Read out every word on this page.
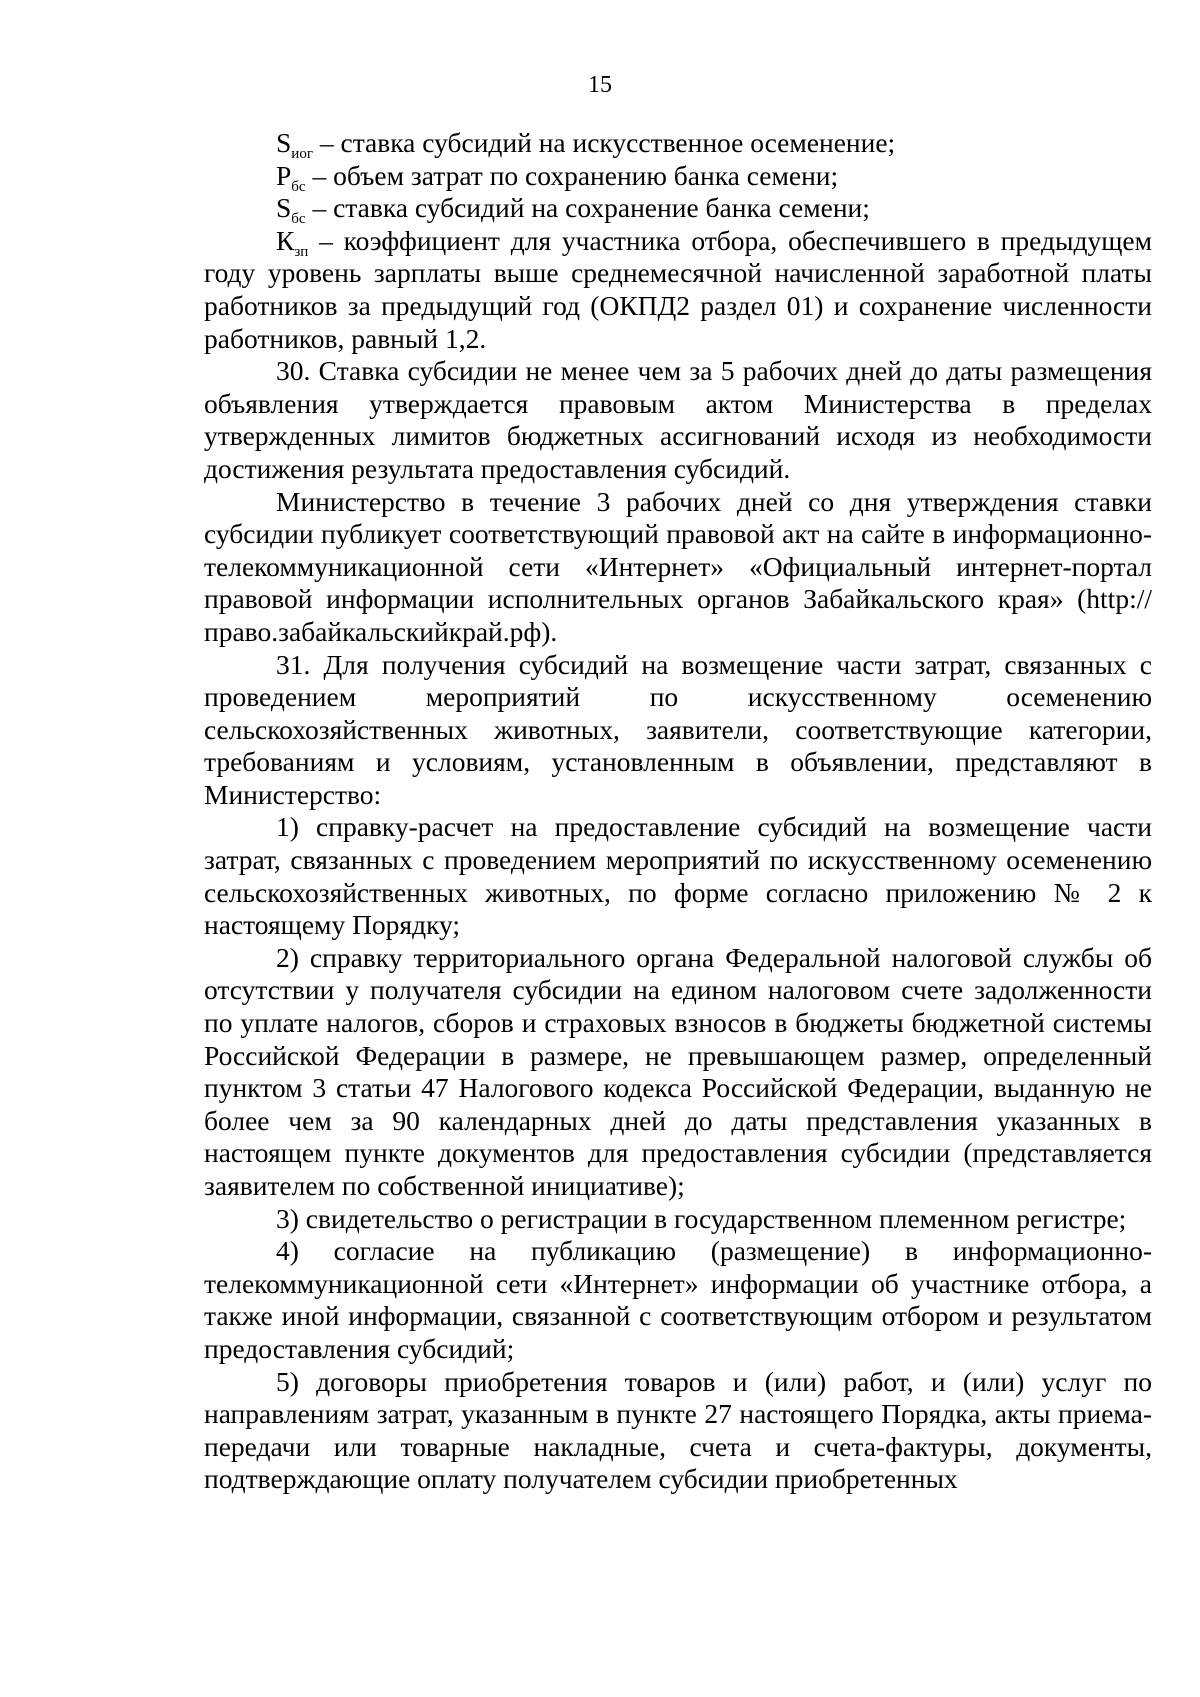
15

$S_{иог}$ – ставка субсидий на искусственное осеменение;

$P_{бс}$ – объем затрат по сохранению банка семени;

$S_{бс}$ – ставка субсидий на сохранение банка семени;

$К_{зп}$ – коэффициент для участника отбора, обеспечившего в предыдущем году уровень зарплаты выше среднемесячной начисленной заработной платы работников за предыдущий год (ОКПД2 раздел 01) и сохранение численности работников, равный 1,2.

30. Ставка субсидии не менее чем за 5 рабочих дней до даты размещения объявления утверждается правовым актом Министерства в пределах утвержденных лимитов бюджетных ассигнований исходя из необходимости достижения результата предоставления субсидий.

Министерство в течение 3 рабочих дней со дня утверждения ставки субсидии публикует соответствующий правовой акт на сайте в информационно-телекоммуникационной сети «Интернет» «Официальный интернет-портал правовой информации исполнительных органов Забайкальского края» (http://право.забайкальскийкрай.рф).

31. Для получения субсидий на возмещение части затрат, связанных с проведением мероприятий по искусственному осеменению сельскохозяйственных животных, заявители, соответствующие категории, требованиям и условиям, установленным в объявлении, представляют в Министерство:

1) справку-расчет на предоставление субсидий на возмещение части затрат, связанных с проведением мероприятий по искусственному осеменению сельскохозяйственных животных, по форме согласно приложению № 2 к настоящему Порядку;

2) справку территориального органа Федеральной налоговой службы об отсутствии у получателя субсидии на едином налоговом счете задолженности по уплате налогов, сборов и страховых взносов в бюджеты бюджетной системы Российской Федерации в размере, не превышающем размер, определенный пунктом 3 статьи 47 Налогового кодекса Российской Федерации, выданную не более чем за 90 календарных дней до даты представления указанных в настоящем пункте документов для предоставления субсидии (представляется заявителем по собственной инициативе);

3) свидетельство о регистрации в государственном племенном регистре;

4) согласие на публикацию (размещение) в информационно-телекоммуникационной сети «Интернет» информации об участнике отбора, а также иной информации, связанной с соответствующим отбором и результатом предоставления субсидий;

5) договоры приобретения товаров и (или) работ, и (или) услуг по направлениям затрат, указанным в пункте 27 настоящего Порядка, акты приема-передачи или товарные накладные, счета и счета-фактуры, документы, подтверждающие оплату получателем субсидии приобретенных
